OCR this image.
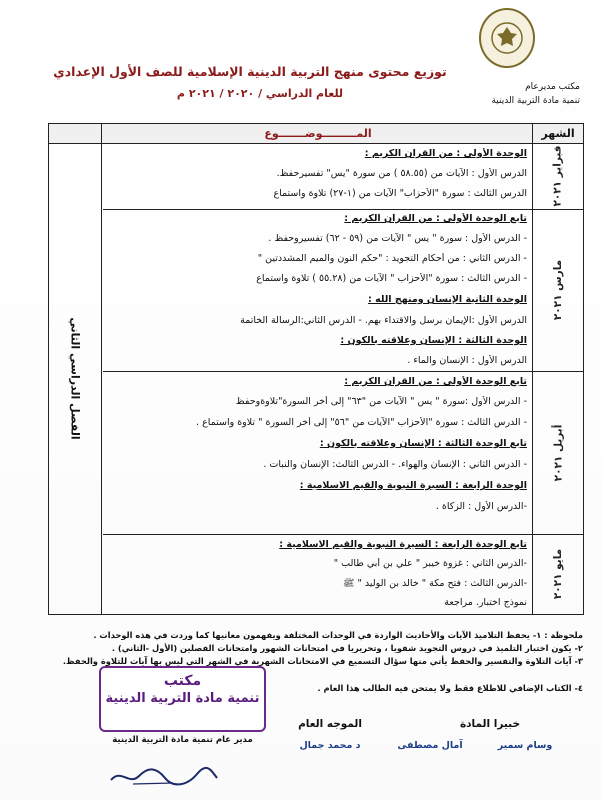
مكتب مديرعام
تنمية مادة التربية الدينية
توزيع محتوى منهج التربية الدينية الإسلامية للصف الأول الإعدادي
للعام الدراسي / ٢٠٢٠ / ٢٠٢١ م
الشهر
المـــــــــوضـــــــوع
الفصل الدراسي الثاني
فبراير ٢٠٢١
مارس ٢٠٢١
أبريل ٢٠٢١
مايو ٢٠٢١
الوحدة الأولى : من القرآن الكريم :
الدرس الأول : الآيات من (٥٨.٥٥ ) من سورة "يس" تفسيرحفظ.
الدرس الثالث : سورة "الأحزاب" الآيات من (١-٢٧) تلاوة واستماع
تابع الوحدة الأولى : من القرآن الكريم :
- الدرس الأول : سورة " يس " الآيات من (٥٩ - ٦٢) تفسيروحفظ .
- الدرس الثاني : من أحكام التجويد : "حكم النون والميم المشددتين "
- الدرس الثالث : سورة "الأحزاب " الآيات من (٥٥.٢٨ ) تلاوة واستماع
الوحدة الثانية الإنسان ومنهج الله :
الدرس الأول :الإيمان برسل والاقتداء بهم. - الدرس الثاني:الرسالة الخاتمة
الوحدة الثالثة : الإنسان وعلاقته بالكون :
الدرس الأول : الإنسان والماء .
تابع الوحدة الأولى : من القرآن الكريم :
- الدرس الأول :سورة " يس " الآيات من "٦٣" إلى أخر السورة"تلاوةوحفظ
- الدرس الثالث : سورة "الأحزاب "الآيات من "٥٦" إلى أخر السورة " تلاوة واستماع .
تابع الوحدة الثالثة : الإنسان وعلاقته بالكون :
- الدرس الثاني : الإنسان والهواء. - الدرس الثالث: الإنسان والنبات .
الوحدة الرابعة : السيرة النبوية والقيم الاسلامية :
-الدرس الأول : الزكاة .
تابع الوحدة الرابعة : السيرة النبوية والقيم الاسلامية :
-الدرس الثاني : غزوة خيبر " علي بن أبي طالب "
-الدرس الثالث : فتح مكة " خالد بن الوليد " ﷺ
نموذج اختبار. مراجعة
ملحوظة : ١- يحفظ التلاميذ الآيات والأحاديث الواردة في الوحدات المختلفة ويفهمون معانيها كما وردت في هذه الوحدات .
٢- يكون اختبار التلميذ في دروس التجويد شفويا ، وتحريريا في امتحانات الشهور وامتحانات الفصلين (الأول -الثاني) .
٣- آيات التلاوة والتفسير والحفظ يأتي منها سؤال التسميع في الامتحانات الشهرية في الشهر التي ليس بها آيات للتلاوة والحفظ.
٤- الكتاب الإضافي للاطلاع فقط ولا يمتحن فيه الطالب هذا العام .
مكتب
تنمية مادة التربية الدينية
مدير عام تنمية مادة التربية الدينية
خبيرا المادة
وسام سمير
آمال مصطفى
الموجه العام
د محمد جمال
